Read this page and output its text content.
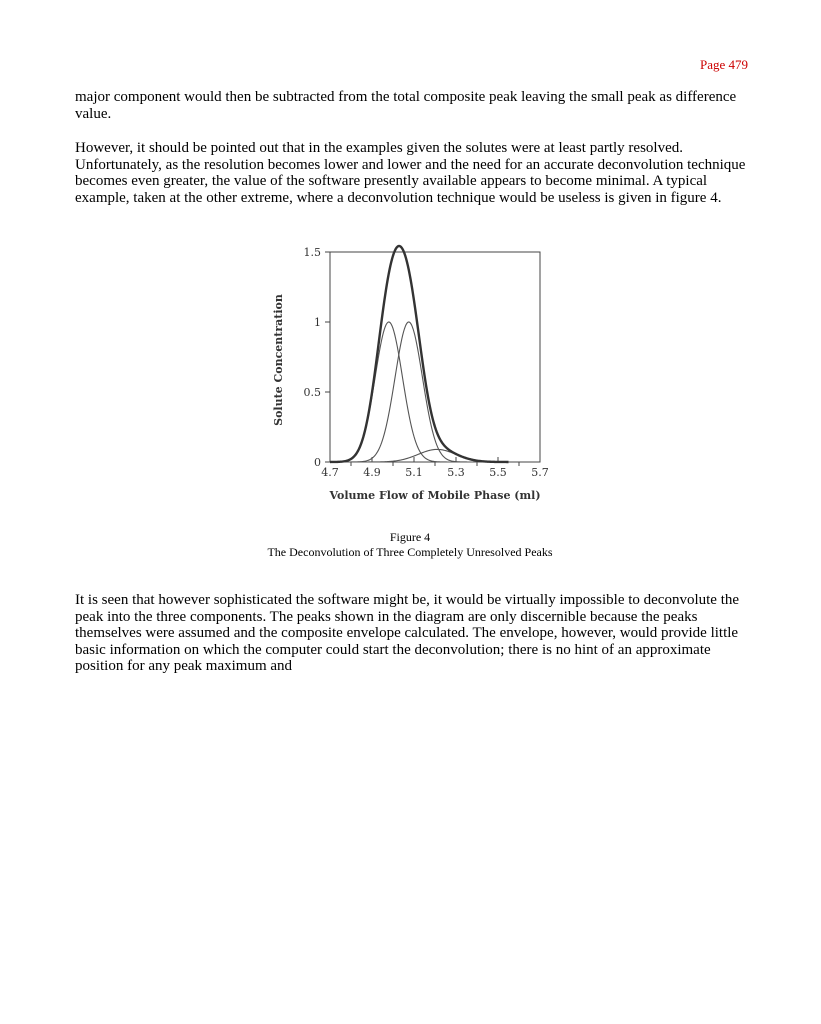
Page 479

major component would then be subtracted from the total composite peak leaving the small peak as difference value.

However, it should be pointed out that in the examples given the solutes were at least partly resolved. Unfortunately, as the resolution becomes lower and lower and the need for an accurate deconvolution technique becomes even greater, the value of the software presently available appears to become minimal. A typical example, taken at the other extreme, where a deconvolution technique would be useless is given in figure 4.

4.7 4.9 5.1 5.3 5.5 5.7
0
0.5
1
1.5
Volume Flow of Mobile Phase (ml)
Solute Concentration
Figure 4
The Deconvolution of Three Completely Unresolved Peaks

It is seen that however sophisticated the software might be, it would be virtually impossible to deconvolute the peak into the three components. The peaks shown in the diagram are only discernible because the peaks themselves were assumed and the composite envelope calculated. The envelope, however, would provide little basic information on which the computer could start the deconvolution; there is no hint of an approximate position for any peak maximum and
